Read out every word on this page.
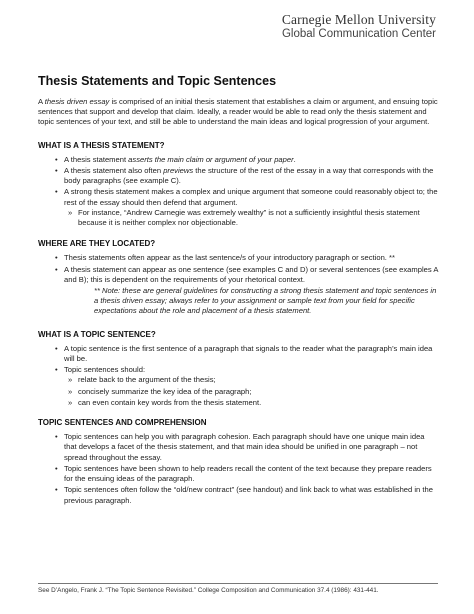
Carnegie Mellon University
Global Communication Center
Thesis Statements and Topic Sentences

A thesis driven essay is comprised of an initial thesis statement that establishes a claim or argument, and ensuing topic sentences that support and develop that claim. Ideally, a reader would be able to read only the thesis statement and topic sentences of your text, and still be able to understand the main ideas and logical progression of your argument.

WHAT IS A THESIS STATEMENT?
• A thesis statement asserts the main claim or argument of your paper.
• A thesis statement also often previews the structure of the rest of the essay in a way that corresponds with the body paragraphs (see example C).
• A strong thesis statement makes a complex and unique argument that someone could reasonably object to; the rest of the essay should then defend that argument.
» For instance, “Andrew Carnegie was extremely wealthy” is not a sufficiently insightful thesis statement because it is neither complex nor objectionable.
WHERE ARE THEY LOCATED?
• Thesis statements often appear as the last sentence/s of your introductory paragraph or section. **
• A thesis statement can appear as one sentence (see examples C and D) or several sentences (see examples A and B); this is dependent on the requirements of your rhetorical context.

** Note: these are general guidelines for constructing a strong thesis statement and topic sentences in a thesis driven essay; always refer to your assignment or sample text from your field for specific expectations about the role and placement of a thesis statement.

WHAT IS A TOPIC SENTENCE?
• A topic sentence is the first sentence of a paragraph that signals to the reader what the paragraph’s main idea will be.
• Topic sentences should:
» relate back to the argument of the thesis;
» concisely summarize the key idea of the paragraph;
» can even contain key words from the thesis statement.
TOPIC SENTENCES AND COMPREHENSION
• Topic sentences can help you with paragraph cohesion. Each paragraph should have one unique main idea that develops a facet of the thesis statement, and that main idea should be unified in one paragraph – not spread throughout the essay.
• Topic sentences have been shown to help readers recall the content of the text because they prepare readers for the ensuing ideas of the paragraph.
• Topic sentences often follow the “old/new contract” (see handout) and link back to what was established in the previous paragraph.
See D’Angelo, Frank J. “The Topic Sentence Revisited.” College Composition and Communication 37.4 (1986): 431-441.
